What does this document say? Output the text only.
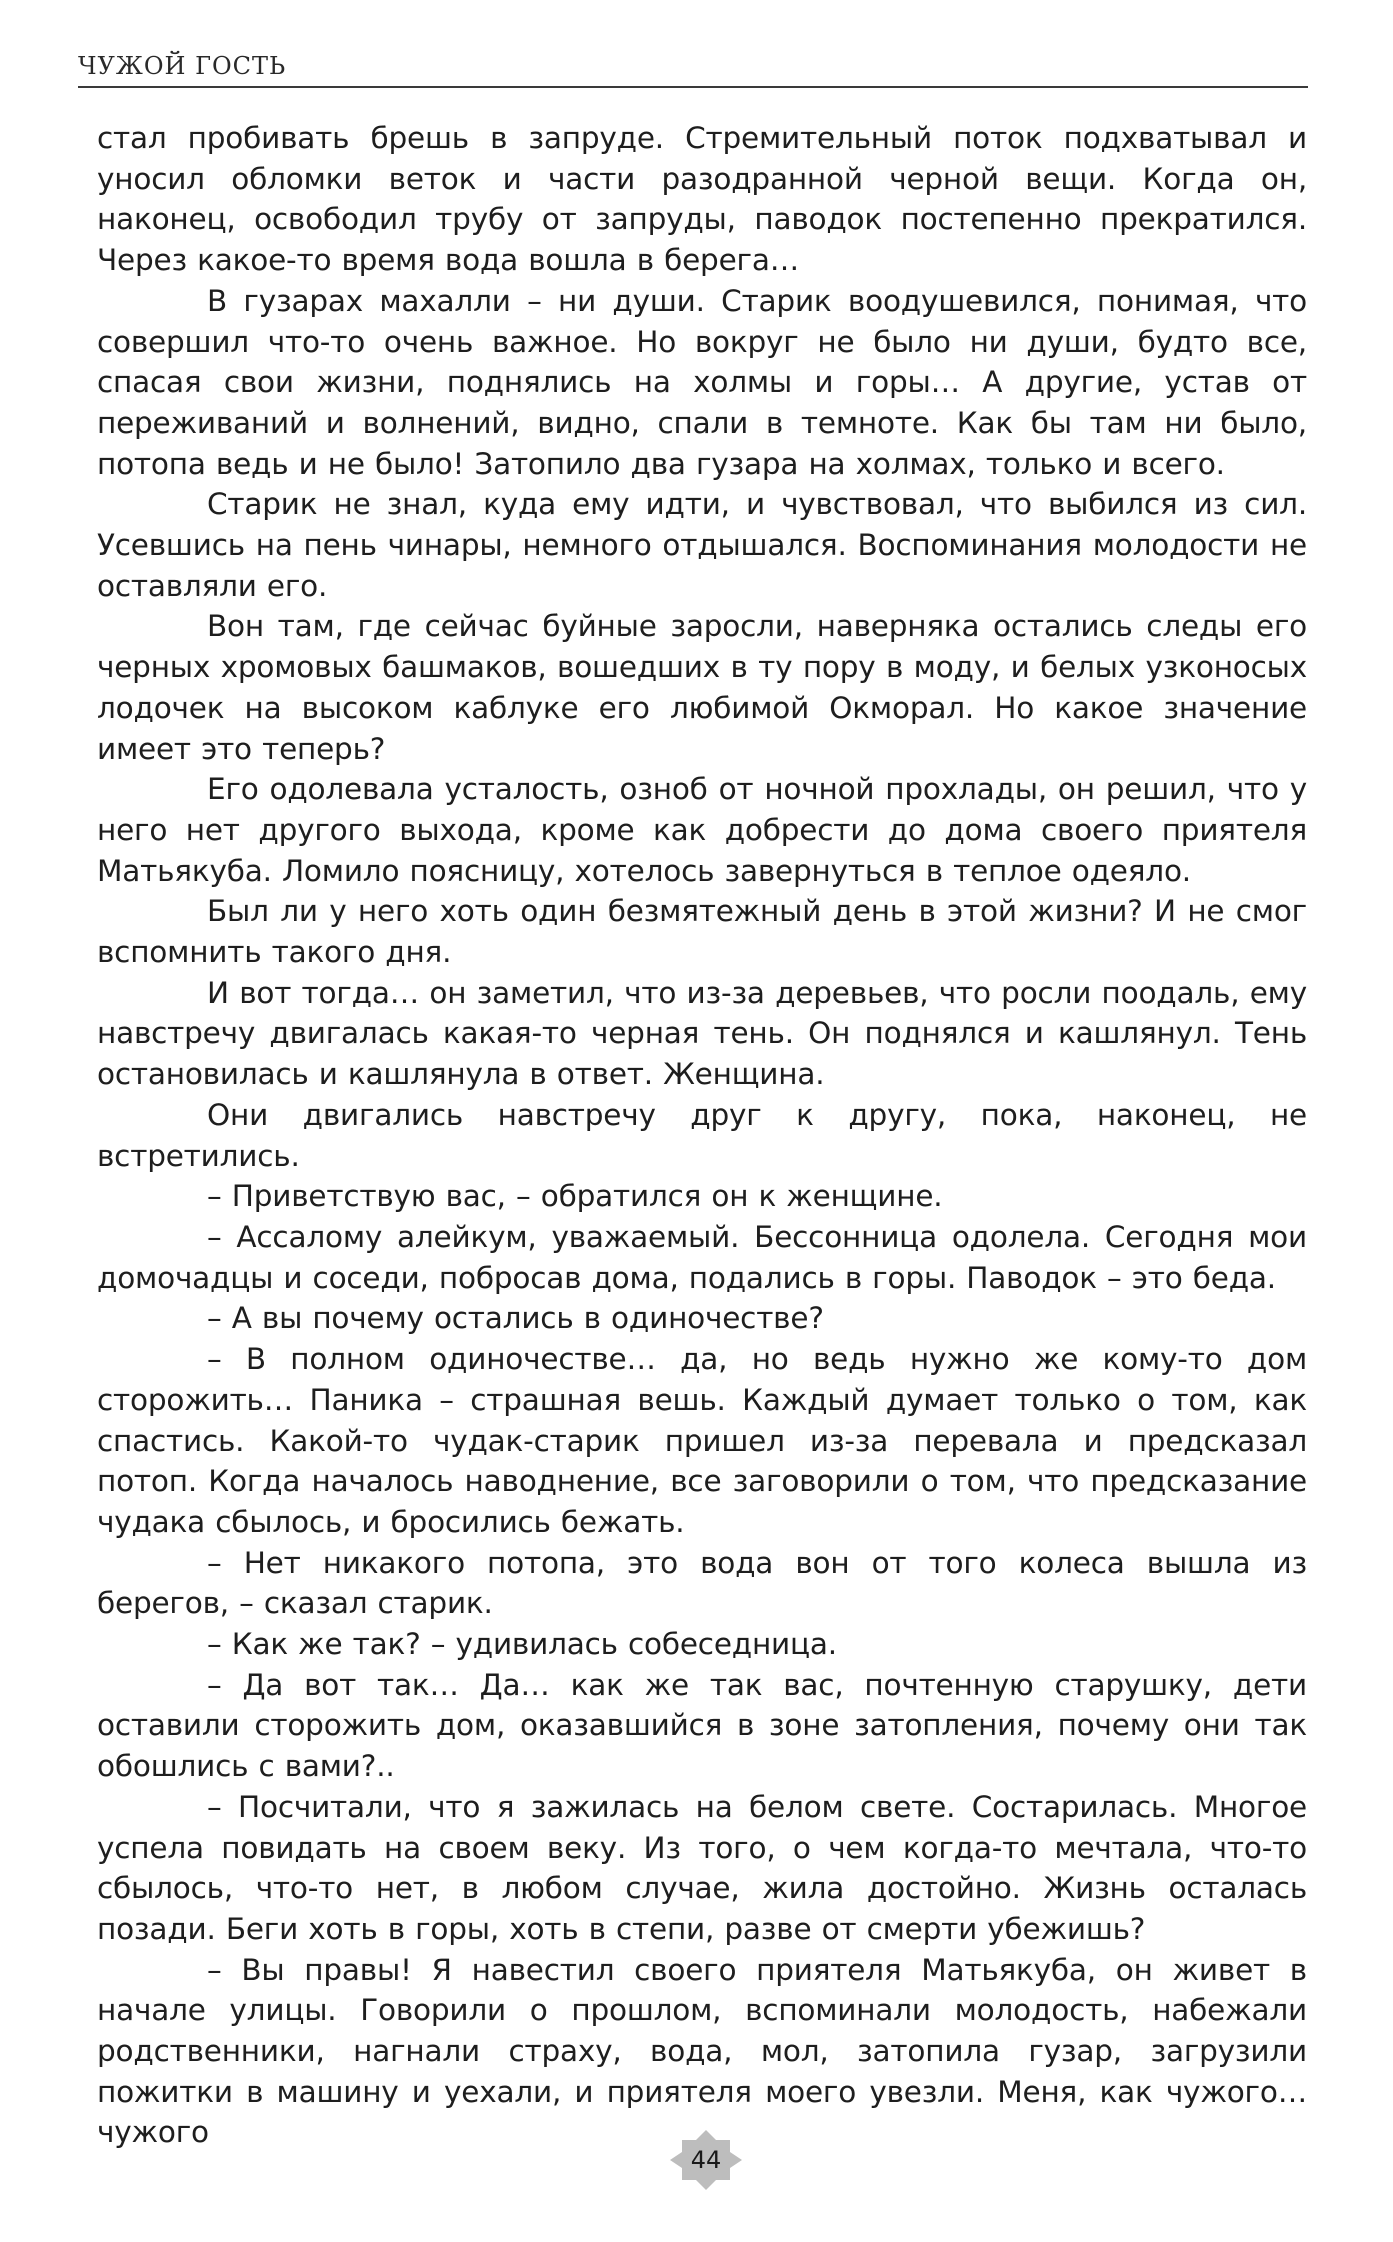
ЧУЖОЙ ГОСТЬ

стал пробивать брешь в запруде. Стремительный поток подхватывал и уносил обломки веток и части разодранной черной вещи. Когда он, наконец, освободил трубу от запруды, паводок постепенно прекратился. Через какое-то время вода вошла в берега…

В гузарах махалли – ни души. Старик воодушевился, понимая, что совершил что-то очень важное. Но вокруг не было ни души, будто все, спасая свои жизни, поднялись на холмы и горы… А другие, устав от переживаний и волнений, видно, спали в темноте. Как бы там ни было, потопа ведь и не было! Затопило два гузара на холмах, только и всего.

Старик не знал, куда ему идти, и чувствовал, что выбился из сил. Усевшись на пень чинары, немного отдышался. Воспоминания молодости не оставляли его.

Вон там, где сейчас буйные заросли, наверняка остались следы его черных хромовых башмаков, вошедших в ту пору в моду, и белых узконосых лодочек на высоком каблуке его любимой Окморал. Но какое значение имеет это теперь?

Его одолевала усталость, озноб от ночной прохлады, он решил, что у него нет другого выхода, кроме как добрести до дома своего приятеля Матьякуба. Ломило поясницу, хотелось завернуться в теплое одеяло.

Был ли у него хоть один безмятежный день в этой жизни? И не смог вспомнить такого дня.

И вот тогда… он заметил, что из-за деревьев, что росли поодаль, ему навстречу двигалась какая-то черная тень. Он поднялся и кашлянул. Тень остановилась и кашлянула в ответ. Женщина.

Они двигались навстречу друг к другу, пока, наконец, не встретились.

– Приветствую вас, – обратился он к женщине.

– Ассалому алейкум, уважаемый. Бессонница одолела. Сегодня мои домочадцы и соседи, побросав дома, подались в горы. Паводок – это беда.

– А вы почему остались в одиночестве?

– В полном одиночестве… да, но ведь нужно же кому-то дом сторожить… Паника – страшная вешь. Каждый думает только о том, как спастись. Какой-то чудак-старик пришел из-за перевала и предсказал потоп. Когда началось наводнение, все заговорили о том, что предсказание чудака сбылось, и бросились бежать.

– Нет никакого потопа, это вода вон от того колеса вышла из берегов, – сказал старик.

– Как же так? – удивилась собеседница.

– Да вот так… Да… как же так вас, почтенную старушку, дети оставили сторожить дом, оказавшийся в зоне затопления, почему они так обошлись с вами?..

– Посчитали, что я зажилась на белом свете. Состарилась. Многое успела повидать на своем веку. Из того, о чем когда-то мечтала, что-то сбылось, что-то нет, в любом случае, жила достойно. Жизнь осталась позади. Беги хоть в горы, хоть в степи, разве от смерти убежишь?

– Вы правы! Я навестил своего приятеля Матьякуба, он живет в начале улицы. Говорили о прошлом, вспоминали молодость, набежали родственники, нагнали страху, вода, мол, затопила гузар, загрузили пожитки в машину и уехали, и приятеля моего увезли. Меня, как чужого… чужого

44
